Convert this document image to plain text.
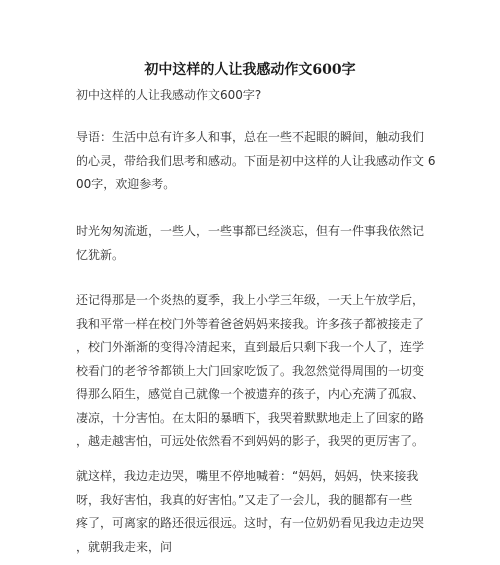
初中这样的人让我感动作文600字
初中这样的人让我感动作文600字?
导语：生活中总有许多人和事，总在一些不起眼的瞬间，触动我们
的心灵，带给我们思考和感动。下面是初中这样的人让我感动作文 6
00字，欢迎参考。
时光匆匆流逝，一些人，一些事都已经淡忘，但有一件事我依然记
忆犹新。
还记得那是一个炎热的夏季，我上小学三年级，一天上午放学后，
我和平常一样在校门外等着爸爸妈妈来接我。许多孩子都被接走了
，校门外渐渐的变得冷清起来，直到最后只剩下我一个人了，连学
校看门的老爷爷都锁上大门回家吃饭了。我忽然觉得周围的一切变
得那么陌生，感觉自己就像一个被遗弃的孩子，内心充满了孤寂、
凄凉，十分害怕。在太阳的暴晒下，我哭着默默地走上了回家的路
，越走越害怕，可远处依然看不到妈妈的影子，我哭的更厉害了。
就这样，我边走边哭，嘴里不停地喊着：“妈妈，妈妈，快来接我
呀，我好害怕，我真的好害怕。”又走了一会儿，我的腿都有一些
疼了，可离家的路还很远很远。这时，有一位奶奶看见我边走边哭
，就朝我走来，问
